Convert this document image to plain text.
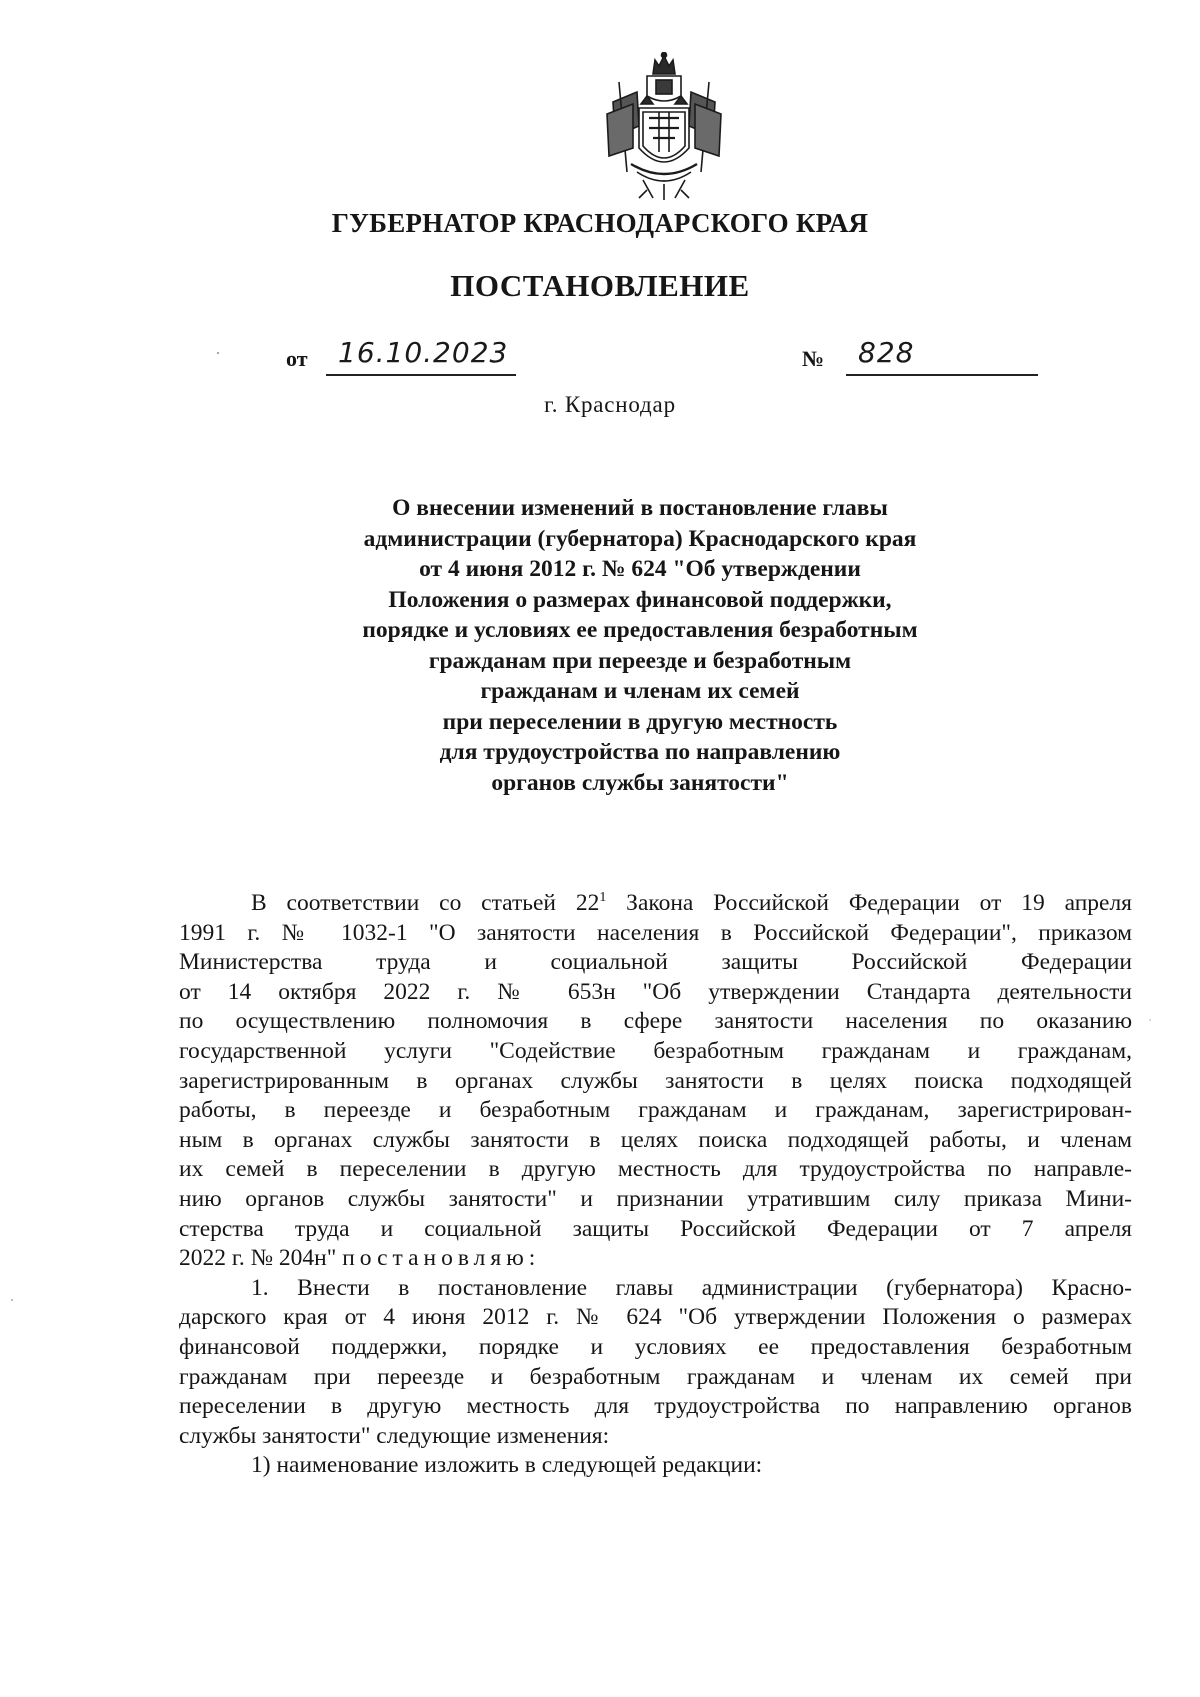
ГУБЕРНАТОР КРАСНОДАРСКОГО КРАЯ
ПОСТАНОВЛЕНИЕ
от 16.10.2023	№ 828
г. Краснодар
О внесении изменений в постановление главы
администрации (губернатора) Краснодарского края
от 4 июня 2012 г. № 624 "Об утверждении
Положения о размерах финансовой поддержки,
порядке и условиях ее предоставления безработным
гражданам при переезде и безработным
гражданам и членам их семей
при переселении в другую местность
для трудоустройства по направлению
органов службы занятости"

В соответствии со статьей $22^1$ Закона Российской Федерации от 19 апреля
1991 г. № 1032-1 "О занятости населения в Российской Федерации", приказом
Министерства труда и социальной защиты Российской Федерации
от 14 октября 2022 г. № 653н "Об утверждении Стандарта деятельности
по осуществлению полномочия в сфере занятости населения по оказанию
государственной услуги "Содействие безработным гражданам и гражданам,
зарегистрированным в органах службы занятости в целях поиска подходящей
работы, в переезде и безработным гражданам и гражданам, зарегистрирован-
ным в органах службы занятости в целях поиска подходящей работы, и членам
их семей в переселении в другую местность для трудоустройства по направле-
нию органов службы занятости" и признании утратившим силу приказа Мини-
стерства труда и социальной защиты Российской Федерации от 7 апреля
2022 г. № 204н" постановляю:

1. Внести в постановление главы администрации (губернатора) Красно-
дарского края от 4 июня 2012 г. № 624 "Об утверждении Положения о размерах
финансовой поддержки, порядке и условиях ее предоставления безработным
гражданам при переезде и безработным гражданам и членам их семей при
переселении в другую местность для трудоустройства по направлению органов
службы занятости" следующие изменения:

1) наименование изложить в следующей редакции:
